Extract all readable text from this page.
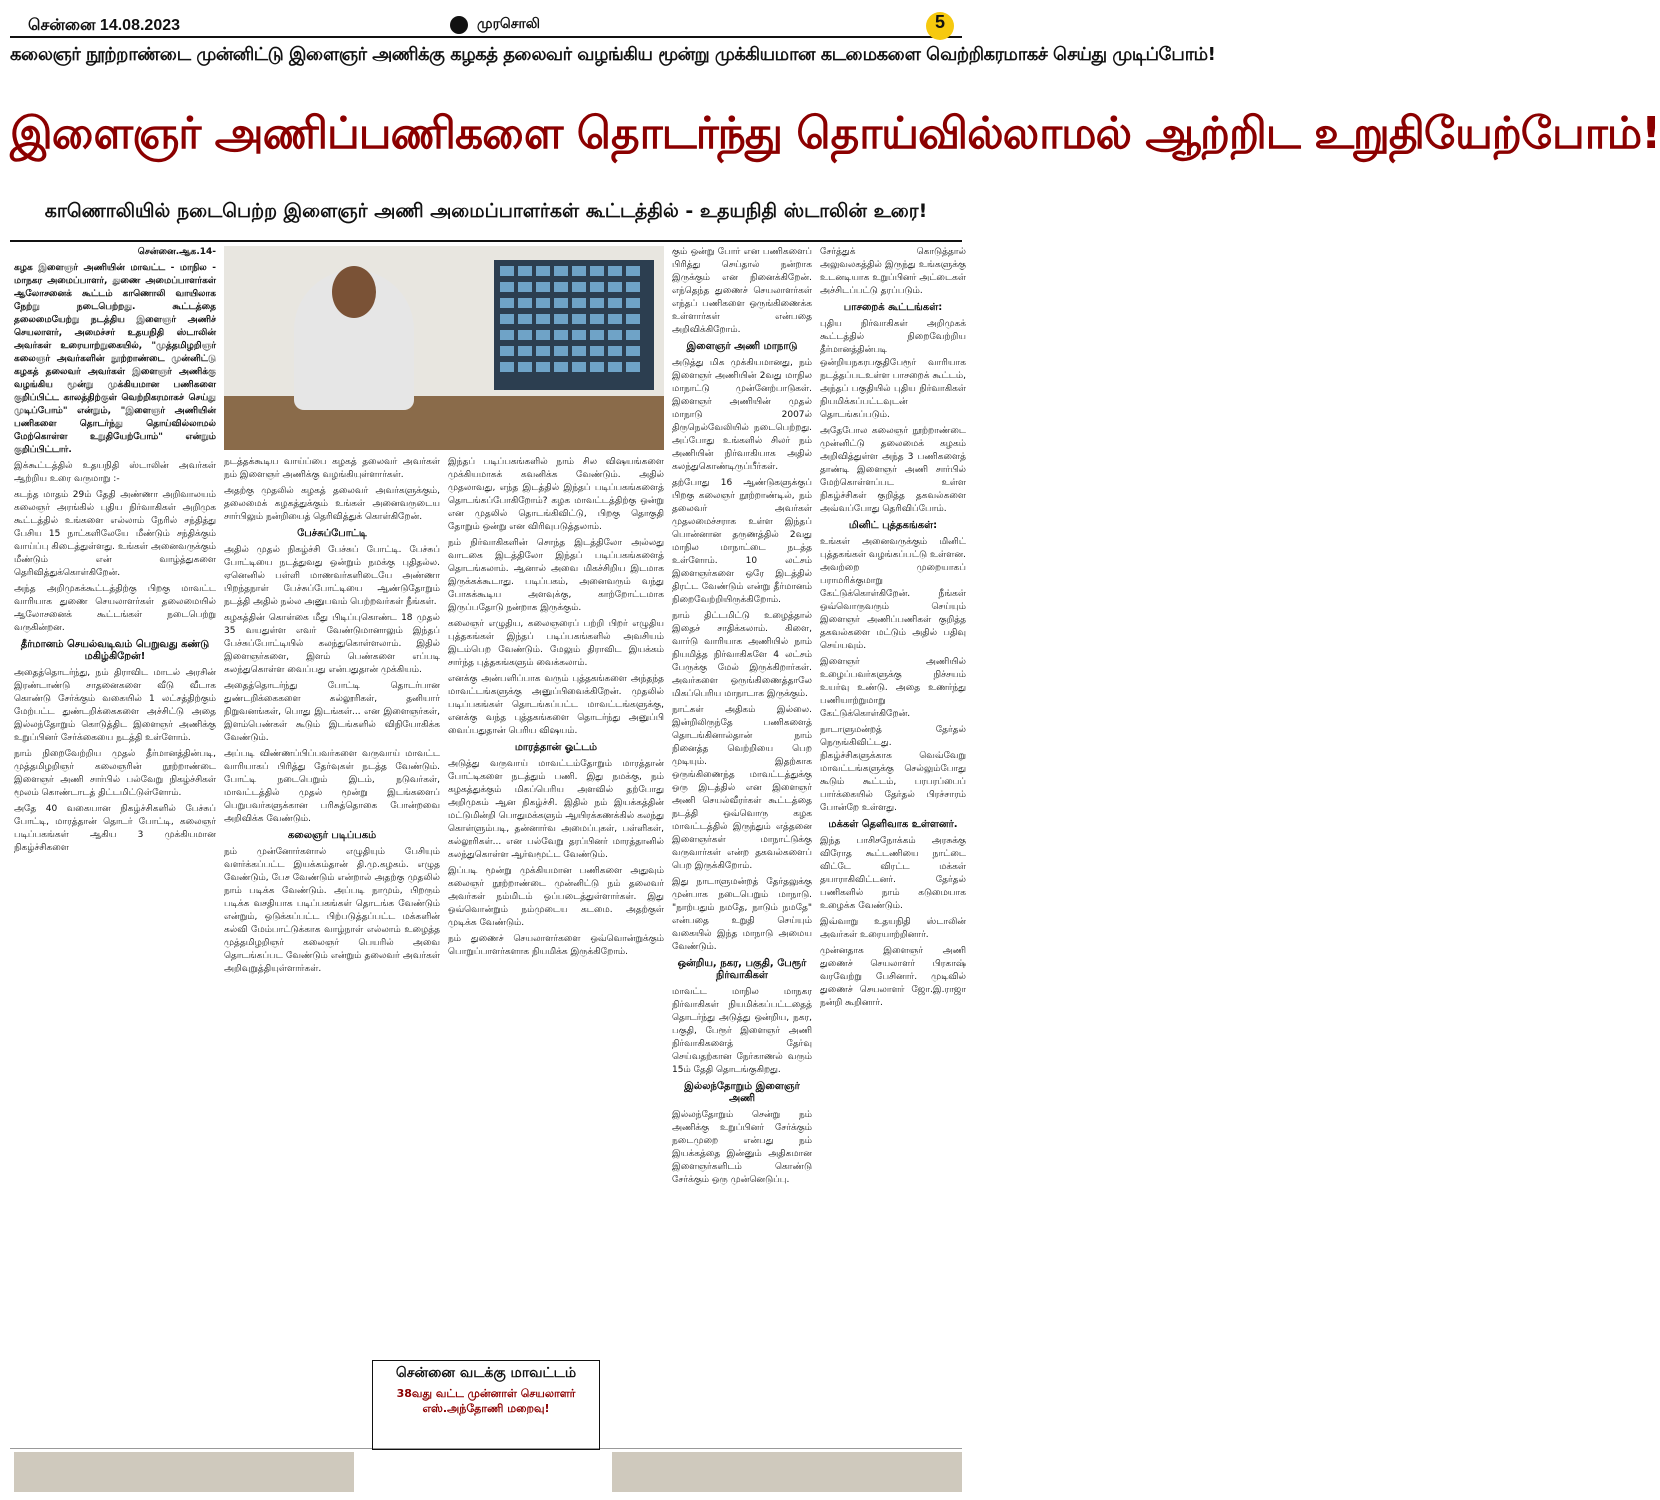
சென்னை 14.08.2023	முரசொலி	5
கலைஞர் நூற்றாண்டை முன்னிட்டு இளைஞர் அணிக்கு கழகத் தலைவர் வழங்கிய மூன்று முக்கியமான கடமைகளை வெற்றிகரமாகச் செய்து முடிப்போம்!
இளைஞர் அணிப்பணிகளை தொடர்ந்து தொய்வில்லாமல் ஆற்றிட உறுதியேற்போம்!
காணொலியில் நடைபெற்ற இளைஞர் அணி அமைப்பாளர்கள் கூட்டத்தில் - உதயநிதி ஸ்டாலின் உரை!

சென்னை.ஆக.14-

கழக இளைஞர் அணியின் மாவட்ட - மாநில - மாநகர அமைப்பாளர், துணை அமைப்பாளர்கள் ஆலோசனைக் கூட்டம் காணொலி வாயிலாக நேற்று நடைபெற்றது. கூட்டத்தை தலைமையேற்று நடத்திய இளைஞர் அணிச் செயலாளர், அமைச்சர் உதயநிதி ஸ்டாலின் அவர்கள் உரையாற்றுகையில், "முத்தமிழறிஞர் கலைஞர் அவர்களின் நூற்றாண்டை முன்னிட்டு கழகத் தலைவர் அவர்கள் இளைஞர் அணிக்கு வழங்கிய மூன்று முக்கியமான பணிகளை குறிப்பிட்ட காலத்திற்குள் வெற்றிகரமாகச் செய்து முடிப்போம்" என்றும், "இளைஞர் அணியின் பணிகளை தொடர்ந்து தொய்வில்லாமல் மேற்கொள்ள உறுதியேற்போம்" என்றும் குறிப்பிட்டார்.

இக்கூட்டத்தில் உதயநிதி ஸ்டாலின் அவர்கள் ஆற்றிய உரை வருமாறு :-

கடந்த மாதம் 29ம் தேதி அண்ணா அறிவாலயம் கலைஞர் அரங்கில் புதிய நிர்வாகிகள் அறிமுக கூட்டத்தில் உங்களை எல்லாம் நேரில் சந்தித்து பேசிய 15 நாட்களிலேயே மீண்டும் சந்திக்கும் வாய்ப்பு கிடைத்துள்ளது. உங்கள் அனைவருக்கும் மீண்டும் என் வாழ்த்துகளை தெரிவித்துக்கொள்கிறேன்.

அந்த அறிமுகக்கூட்டத்திற்கு பிறகு மாவட்ட வாரியாக துணை செயலாளர்கள் தலைமையில் ஆலோசனைக் கூட்டங்கள் நடைபெற்று வருகின்றன.

தீர்மானம் செயல்வடிவம் பெறுவது கண்டு மகிழ்கிறேன்!

அதைத்தொடர்ந்து, நம் திராவிட மாடல் அரசின் இரண்டாண்டு சாதனைகளை வீடு வீடாக கொண்டு சேர்க்கும் வகையில் 1 லட்சத்திற்கும் மேற்பட்ட துண்டறிக்கைகளை அச்சிட்டு அதை இல்லந்தோறும் கொடுத்திட இளைஞர் அணிக்கு உறுப்பினர் சேர்க்கையை நடத்தி உள்ளோம்.

நாம் நிறைவேற்றிய முதல் தீர்மானத்தின்படி, முத்தமிழறிஞர் கலைஞரின் நூற்றாண்டை இளைஞர் அணி சார்பில் பல்வேறு நிகழ்ச்சிகள் மூலம் கொண்டாடத் திட்டமிட்டுள்ளோம்.

அதே 40 வகையான நிகழ்ச்சிகளில் பேச்சுப் போட்டி, மாரத்தான் தொடர் போட்டி, கலைஞர் படிப்பகங்கள் ஆகிய 3 முக்கியமான நிகழ்ச்சிகளை

நடத்தக்கூடிய வாய்ப்பை கழகத் தலைவர் அவர்கள் நம் இளைஞர் அணிக்கு வழங்கியுள்ளார்கள்.

அதற்கு முதலில் கழகத் தலைவர் அவர்களுக்கும், தலைமைக் கழகத்துக்கும் உங்கள் அனைவருடைய சார்பிலும் நன்றியைத் தெரிவித்துக் கொள்கிறேன்.

பேச்சுப்போட்டி

அதில் முதல் நிகழ்ச்சி பேச்சுப் போட்டி. பேச்சுப் போட்டியை நடத்துவது ஒன்றும் நமக்கு புதிதல்ல. ஏனெனில் பள்ளி மாணவர்களிடையே அண்ணா பிறந்தநாள் பேச்சுப்போட்டியை ஆண்டுதோறும் நடத்தி அதில் நல்ல அனுபவம் பெற்றவர்கள் நீங்கள்.

கழகத்தின் கொள்கை மீது பிடிப்புகொண்ட 18 முதல் 35 வயதுள்ள எவர் வேண்டுமானாலும் இந்தப் பேச்சுப்போட்டியில் கலந்துகொள்ளலாம். இதில் இளைஞர்களை, இளம் பெண்களை எப்படி கலந்துகொள்ள வைப்பது என்பதுதான் முக்கியம்.

அதைத்தொடர்ந்து போட்டி தொடர்பான துண்டறிக்கைகளை கல்லூரிகள், தனியார் நிறுவனங்கள், பொது இடங்கள்... என இளைஞர்கள், இளம்பெண்கள் கூடும் இடங்களில் விநியோகிக்க வேண்டும்.

அப்படி விண்ணப்பிப்பவர்களை வருவாய் மாவட்ட வாரியாகப் பிரித்து தேர்வுகள் நடத்த வேண்டும். போட்டி நடைபெறும் இடம், நடுவர்கள், மாவட்டத்தில் முதல் மூன்று இடங்களைப் பெறுபவர்களுக்கான பரிசுத்தொகை போன்றவை அறிவிக்க வேண்டும்.

கலைஞர் படிப்பகம்

நம் முன்னோர்களால் எழுதியும் பேசியும் வளர்க்கப்பட்ட இயக்கம்தான் தி.மு.கழகம். எழுத வேண்டும், பேச வேண்டும் என்றால் அதற்கு முதலில் நாம் படிக்க வேண்டும். அப்படி நாமும், பிறரும் படிக்க வசதியாக படிப்பகங்கள் தொடங்க வேண்டும் என்றும், ஒடுக்கப்பட்ட பிற்படுத்தப்பட்ட மக்களின் கல்வி மேம்பாட்டுக்காக வாழ்நாள் எல்லாம் உழைத்த முத்தமிழறிஞர் கலைஞர் பெயரில் அவை தொடங்கப்பட வேண்டும் என்றும் தலைவர் அவர்கள் அறிவுறுத்தியுள்ளார்கள்.

இந்தப் படிப்பகங்களில் நாம் சில விஷயங்களை முக்கியமாகக் கவனிக்க வேண்டும். அதில் முதலாவது, எந்த இடத்தில் இந்தப் படிப்பகங்களைத் தொடங்கப்போகிறோம்? கழக மாவட்டத்திற்கு ஒன்று என முதலில் தொடங்கிவிட்டு, பிறகு தொகுதி தோறும் ஒன்று என விரிவுபடுத்தலாம்.

நம் நிர்வாகிகளின் சொந்த இடத்திலோ அல்லது வாடகை இடத்திலோ இந்தப் படிப்பகங்களைத் தொடங்கலாம். ஆனால் அவை மிகச்சிறிய இடமாக இருக்கக்கூடாது. படிப்பகம், அனைவரும் வந்து போகக்கூடிய அளவுக்கு, காற்றோட்டமாக இருப்பதோடு நன்றாக இருக்கும்.

கலைஞர் எழுதிய, கலைஞரைப் பற்றி பிறர் எழுதிய புத்தகங்கள் இந்தப் படிப்பகங்களில் அவசியம் இடம்பெற வேண்டும். மேலும் திராவிட இயக்கம் சார்ந்த புத்தகங்களும் வைக்கலாம்.

எனக்கு அன்பளிப்பாக வரும் புத்தகங்களை அந்தந்த மாவட்டங்களுக்கு அனுப்பிவைக்கிறேன். முதலில் படிப்பகங்கள் தொடங்கப்பட்ட மாவட்டங்களுக்கு, எனக்கு வந்த புத்தகங்களை தொடர்ந்து அனுப்பி வைப்பதுதான் பெரிய விஷயம்.

மாரத்தான் ஓட்டம்

அடுத்து வருவாய் மாவட்டம்தோறும் மாரத்தான் போட்டிகளை நடத்தும் பணி. இது நமக்கு, நம் கழகத்துக்கும் மிகப்பெரிய அளவில் தற்போது அறிமுகம் ஆன நிகழ்ச்சி. இதில் நம் இயக்கத்தின் மட்டுமின்றி பொதுமக்களும் ஆயிரக்கணக்கில் கலந்து கொள்ளும்படி, தன்னார்வ அமைப்புகள், பள்ளிகள், கல்லூரிகள்... என பல்வேறு தரப்பினர் மாரத்தானில் கலந்துகொள்ள ஆர்வமூட்ட வேண்டும்.

இப்படி மூன்று முக்கியமான பணிகளை அதுவும் கலைஞர் நூற்றாண்டை முன்னிட்டு நம் தலைவர் அவர்கள் நம்மிடம் ஒப்படைத்துள்ளார்கள். இது ஒவ்வொன்றும் நம்முடைய கடமை. அதற்குள் முடிக்க வேண்டும்.

நம் துணைச் செயலாளர்களை ஒவ்வொன்றுக்கும் பொறுப்பாளர்களாக நியமிக்க இருக்கிறோம்.

கும் ஒன்று போர் என பணிகளைப் பிரித்து செய்தால் நன்றாக இருக்கும் என நினைக்கிறேன். எந்தெந்த துணைச் செயலாளர்கள் எந்தப் பணிகளை ஒருங்கிணைக்க உள்ளார்கள் என்பதை அறிவிக்கிறோம்.

இளைஞர் அணி மாநாடு

அடுத்து மிக முக்கியமானது, நம் இளைஞர் அணியின் 2வது மாநில மாநாட்டு முன்னேற்பாடுகள். இளைஞர் அணியின் முதல் மாநாடு 2007ல் திருநெல்வேலியில் நடைபெற்றது. அப்போது உங்களில் சிலர் நம் அணியின் நிர்வாகியாக அதில் கலந்துகொண்டிருப்பீர்கள்.

தற்போது 16 ஆண்டுகளுக்குப் பிறகு கலைஞர் நூற்றாண்டில், நம் தலைவர் அவர்கள் முதலமைச்சராக உள்ள இந்தப் பொன்னான தருணத்தில் 2வது மாநில மாநாட்டை நடத்த உள்ளோம். 10 லட்சம் இளைஞர்களை ஒரே இடத்தில் திரட்ட வேண்டும் என்று தீர்மானம் நிறைவேற்றியிருக்கிறோம்.

நாம் திட்டமிட்டு உழைத்தால் இதைச் சாதிக்கலாம். கிளை, வார்டு வாரியாக அணியில் நாம் நியமித்த நிர்வாகிகளே 4 லட்சம் பேருக்கு மேல் இருக்கிறார்கள். அவர்களை ஒருங்கிணைத்தாலே மிகப்பெரிய மாநாடாக இருக்கும்.

நாட்கள் அதிகம் இல்லை. இன்றிலிருந்தே பணிகளைத் தொடங்கினால்தான் நாம் நினைத்த வெற்றியை பெற முடியும். இதற்காக ஒருங்கிணைந்த மாவட்டத்துக்கு ஒரு இடத்தில் என இளைஞர் அணி செயல்வீரர்கள் கூட்டத்தை நடத்தி ஒவ்வொரு கழக மாவட்டத்தில் இருந்தும் எத்தனை இளைஞர்கள் மாநாட்டுக்கு வருவார்கள் என்ற தகவல்களைப் பெற இருக்கிறோம்.

இது நாடாளுமன்றத் தேர்தலுக்கு முன்பாக நடைபெறும் மாநாடு. "நாற்பதும் நமதே, நாடும் நமதே" என்பதை உறுதி செய்யும் வகையில் இந்த மாநாடு அமைய வேண்டும்.

ஒன்றிய, நகர, பகுதி, பேரூர் நிர்வாகிகள்

மாவட்ட மாநில மாநகர நிர்வாகிகள் நியமிக்கப்பட்டதைத் தொடர்ந்து அடுத்து ஒன்றிய, நகர, பகுதி, பேரூர் இளைஞர் அணி நிர்வாகிகளைத் தேர்வு செய்வதற்கான நேர்காணல் வரும் 15ம் தேதி தொடங்குகிறது.

இல்லந்தோறும் இளைஞர் அணி

இல்லந்தோறும் சென்று நம் அணிக்கு உறுப்பினர் சேர்க்கும் நடைமுறை என்பது நம் இயக்கத்தை இன்னும் அதிகமான இளைஞர்களிடம் கொண்டு சேர்க்கும் ஒரு முன்னெடுப்பு.

சேர்த்துக் கொடுத்தால் அலுவலகத்தில் இருந்து உங்களுக்கு உடனடியாக உறுப்பினர் அட்டைகள் அச்சிடப்பட்டு தரப்படும்.

பாசறைக் கூட்டங்கள்:

புதிய நிர்வாகிகள் அறிமுகக் கூட்டத்தில் நிறைவேற்றிய தீர்மானத்தின்படி ஒன்றியநகரபகுதிபேரூர் வாரியாக நடத்தப்படஉள்ள பாசறைக் கூட்டம், அந்தப் பகுதியில் புதிய நிர்வாகிகள் நியமிக்கப்பட்டவுடன் தொடங்கப்படும்.

அதேபோல கலைஞர் நூற்றாண்டை முன்னிட்டு தலைமைக் கழகம் அறிவித்துள்ள அந்த 3 பணிகளைத் தாண்டி இளைஞர் அணி சார்பில் மேற்கொள்ளப்பட உள்ள நிகழ்ச்சிகள் குறித்த தகவல்களை அவ்வப்போது தெரிவிப்போம்.

மினிட் புத்தகங்கள்:

உங்கள் அனைவருக்கும் மினிட் புத்தகங்கள் வழங்கப்பட்டு உள்ளன. அவற்றை முறையாகப் பராமரிக்குமாறு கேட்டுக்கொள்கிறேன். நீங்கள் ஒவ்வொருவரும் செய்யும் இளைஞர் அணிப்பணிகள் குறித்த தகவல்களை மட்டும் அதில் பதிவு செய்யவும்.

இளைஞர் அணியில் உழைப்பவர்களுக்கு நிச்சயம் உயர்வு உண்டு. அதை உணர்ந்து பணியாற்றுமாறு கேட்டுக்கொள்கிறேன்.

நாடாளுமன்றத் தேர்தல் நெருங்கிவிட்டது. நிகழ்ச்சிகளுக்காக வெவ்வேறு மாவட்டங்களுக்கு செல்லும்போது கூடும் கூட்டம், பரபரப்பைப் பார்க்கையில் தேர்தல் பிரச்சாரம் போன்றே உள்ளது.

மக்கள் தெளிவாக உள்ளனர்.

இந்த பாசிசநோக்கம் அரசுக்கு விரோத கூட்டணியை நாட்டை விட்டே விரட்ட மக்கள் தயாராகிவிட்டனர். தேர்தல் பணிகளில் நாம் கடுமையாக உழைக்க வேண்டும்.

இவ்வாறு உதயநிதி ஸ்டாலின் அவர்கள் உரையாற்றினார்.

முன்னதாக இளைஞர் அணி துணைச் செயலாளர் பிரகாஷ் வரவேற்று பேசினார். முடிவில் துணைச் செயலாளர் ஜோ.இ.ராஜா நன்றி கூறினார்.

சென்னை வடக்கு மாவட்டம்
38வது வட்ட முன்னாள் செயலாளர் எஸ்.அந்தோணி மறைவு!
